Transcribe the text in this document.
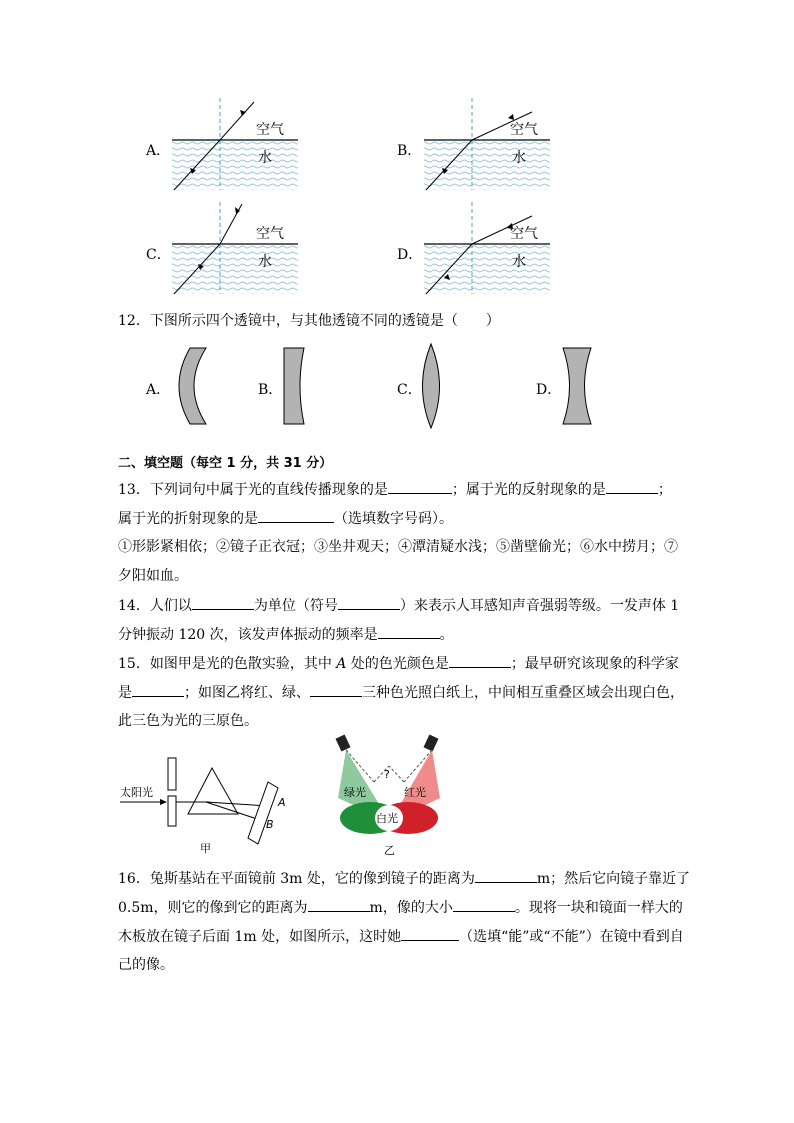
A．
空气
水	B．
空气
水
C．
空气
水	D．
空气
水
12．下图所示四个透镜中，与其他透镜不同的透镜是（　　）
A．	B．	C．	D．
二、填空题（每空 1 分，共 31 分）
13．下列词句中属于光的直线传播现象的是	；属于光的反射现象的是	；
属于光的折射现象的是	（选填数字号码）。
①形影紧相依；②镜子正衣冠；③坐井观天；④潭清疑水浅；⑤凿壁偷光；⑥水中捞月；⑦
夕阳如血。
14．人们以	为单位（符号	）来表示人耳感知声音强弱等级。一发声体 1
分钟振动 120 次，该发声体振动的频率是	。
15．如图甲是光的色散实验，其中 A 处的色光颜色是	；最早研究该现象的科学家
是	；如图乙将红、绿、	三种色光照白纸上，中间相互重叠区域会出现白色，
此三色为光的三原色。
太阳光
A
B
甲
?
绿光	红光
白光
乙
16．兔斯基站在平面镜前 3m 处，它的像到镜子的距离为	m；然后它向镜子靠近了
0.5m，则它的像到它的距离为	m，像的大小	。现将一块和镜面一样大的
木板放在镜子后面 1m 处，如图所示，这时她	（选填“能”或“不能”）在镜中看到自
己的像。
